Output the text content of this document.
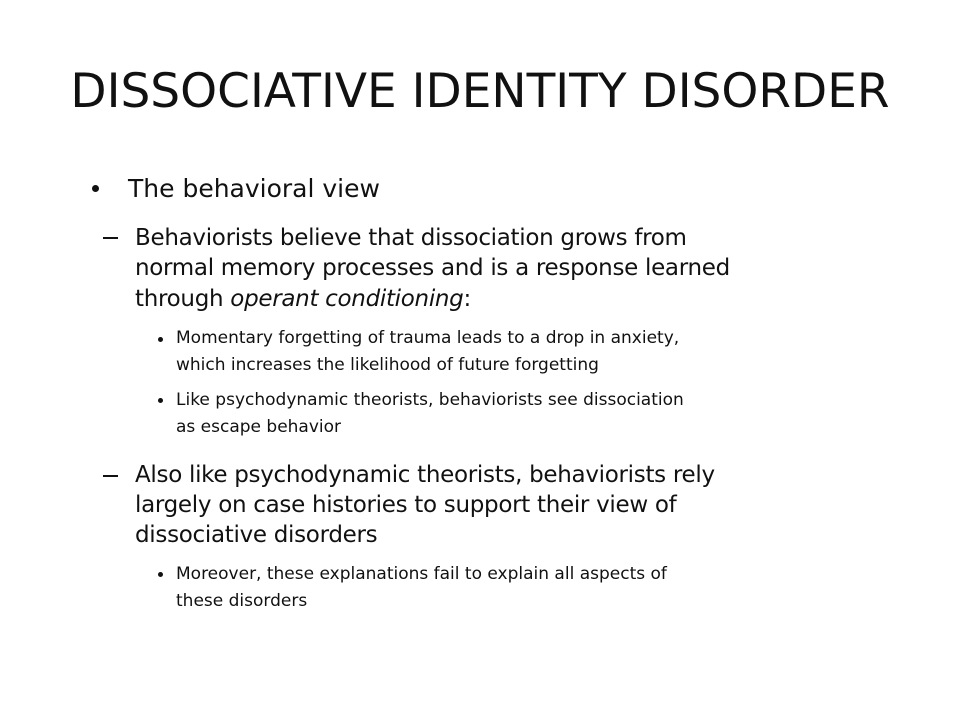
DISSOCIATIVE IDENTITY DISORDER
The behavioral view
Behaviorists believe that dissociation grows from
normal memory processes and is a response learned
through operant conditioning:
Momentary forgetting of trauma leads to a drop in anxiety,
which increases the likelihood of future forgetting
Like psychodynamic theorists, behaviorists see dissociation
as escape behavior
Also like psychodynamic theorists, behaviorists rely
largely on case histories to support their view of
dissociative disorders
Moreover, these explanations fail to explain all aspects of
these disorders
